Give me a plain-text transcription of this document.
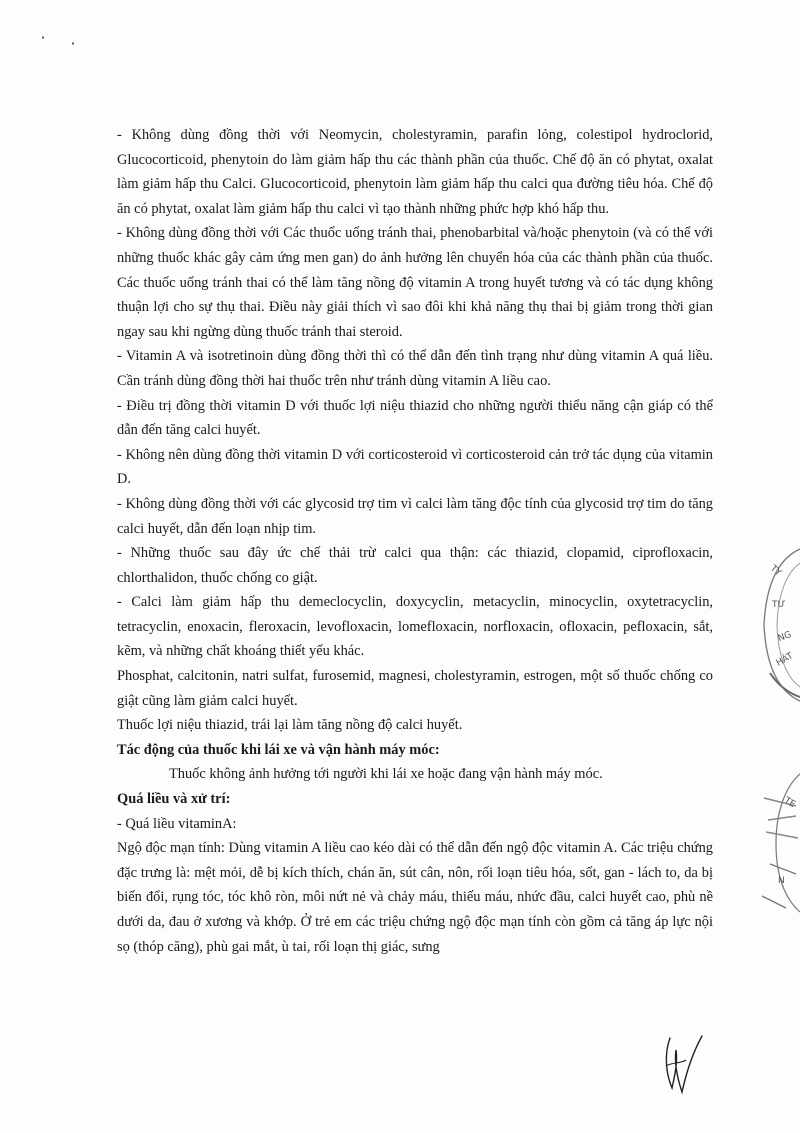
- Không dùng đồng thời với Neomycin, cholestyramin, parafin lỏng, colestipol hydroclorid, Glucocorticoid, phenytoin do làm giảm hấp thu các thành phần của thuốc. Chế độ ăn có phytat, oxalat làm giảm hấp thu Calci. Glucocorticoid, phenytoin làm giảm hấp thu calci qua đường tiêu hóa. Chế độ ăn có phytat, oxalat làm giảm hấp thu calci vì tạo thành những phức hợp khó hấp thu.

- Không dùng đồng thời với Các thuốc uống tránh thai, phenobarbital và/hoặc phenytoin (và có thể với những thuốc khác gây cảm ứng men gan) do ảnh hưởng lên chuyển hóa của các thành phần của thuốc. Các thuốc uống tránh thai có thể làm tăng nồng độ vitamin A trong huyết tương và có tác dụng không thuận lợi cho sự thụ thai. Điều này giải thích vì sao đôi khi khả năng thụ thai bị giảm trong thời gian ngay sau khi ngừng dùng thuốc tránh thai steroid.

- Vitamin A và isotretinoin dùng đồng thời thì có thể dẫn đến tình trạng như dùng vitamin A quá liều. Cần tránh dùng đồng thời hai thuốc trên như tránh dùng vitamin A liều cao.

- Điều trị đồng thời vitamin D với thuốc lợi niệu thiazid cho những người thiểu năng cận giáp có thể dẫn đến tăng calci huyết.

- Không nên dùng đồng thời vitamin D với corticosteroid vì corticosteroid cản trở tác dụng của vitamin D.

- Không dùng đồng thời với các glycosid trợ tim vì calci làm tăng độc tính của glycosid trợ tim do tăng calci huyết, dẫn đến loạn nhịp tim.

- Những thuốc sau đây ức chế thải trừ calci qua thận: các thiazid, clopamid, ciprofloxacin, chlorthalidon, thuốc chống co giật.

- Calci làm giảm hấp thu demeclocyclin, doxycyclin, metacyclin, minocyclin, oxytetracyclin, tetracyclin, enoxacin, fleroxacin, levofloxacin, lomefloxacin, norfloxacin, ofloxacin, pefloxacin, sắt, kẽm, và những chất khoáng thiết yếu khác.

Phosphat, calcitonin, natri sulfat, furosemid, magnesi, cholestyramin, estrogen, một số thuốc chống co giật cũng làm giảm calci huyết.

Thuốc lợi niệu thiazid, trái lại làm tăng nồng độ calci huyết.

Tác động của thuốc khi lái xe và vận hành máy móc:

Thuốc không ảnh hưởng tới người khi lái xe hoặc đang vận hành máy móc.

Quá liều và xử trí:

- Quá liều vitaminA:

Ngộ độc mạn tính: Dùng vitamin A liều cao kéo dài có thể dẫn đến ngộ độc vitamin A. Các triệu chứng đặc trưng là: mệt mỏi, dễ bị kích thích, chán ăn, sút cân, nôn, rối loạn tiêu hóa, sốt, gan - lách to, da bị biến đổi, rụng tóc, tóc khô ròn, môi nứt nẻ và chảy máu, thiếu máu, nhức đầu, calci huyết cao, phù nề dưới da, đau ở xương và khớp. Ở trẻ em các triệu chứng ngộ độc mạn tính còn gồm cả tăng áp lực nội sọ (thóp căng), phù gai mắt, ù tai, rối loạn thị giác, sưng

TY
TƯ
NG
HÁT
TE
N
